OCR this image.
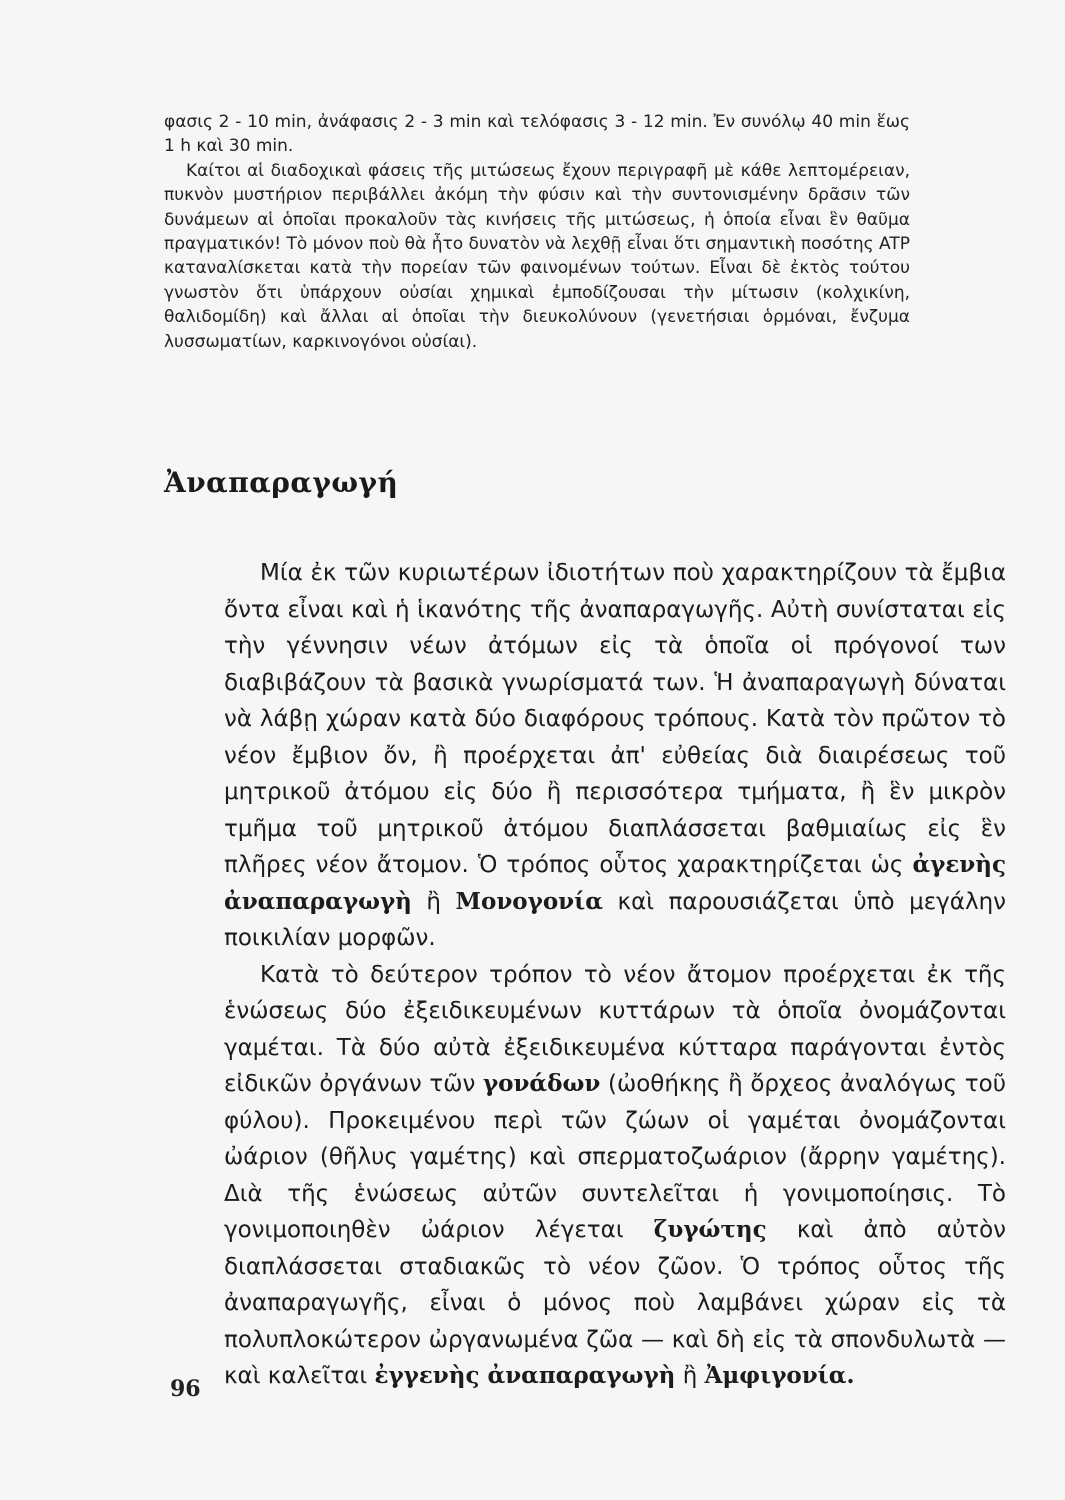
φασις 2 - 10 min, ἀνάφασις 2 - 3 min καὶ τελόφασις 3 - 12 min. Ἐν συνόλῳ 40 min ἕως 1 h καὶ 30 min.

Καίτοι αἱ διαδοχικαὶ φάσεις τῆς μιτώσεως ἔχουν περιγραφῆ μὲ κάθε λεπτομέρειαν, πυκνὸν μυστήριον περιβάλλει ἀκόμη τὴν φύσιν καὶ τὴν συντονισμένην δρᾶσιν τῶν δυνάμεων αἱ ὁποῖαι προκαλοῦν τὰς κινήσεις τῆς μιτώσεως, ἡ ὁποία εἶναι ἓν θαῦμα πραγματικόν! Τὸ μόνον ποὺ θὰ ἦτο δυνατὸν νὰ λεχθῇ εἶναι ὅτι σημαντικὴ ποσότης ATP καταναλίσκεται κατὰ τὴν πορείαν τῶν φαινομένων τούτων. Εἶναι δὲ ἐκτὸς τούτου γνωστὸν ὅτι ὑπάρχουν οὐσίαι χημικαὶ ἐμποδίζουσαι τὴν μίτωσιν (κολχικίνη, θαλιδομίδη) καὶ ἄλλαι αἱ ὁποῖαι τὴν διευκολύνουν (γενετήσιαι ὁρμόναι, ἔνζυμα λυσσωματίων, καρκινογόνοι οὐσίαι).

Ἀναπαραγωγή

Μία ἐκ τῶν κυριωτέρων ἰδιοτήτων ποὺ χαρακτηρίζουν τὰ ἔμβια ὄντα εἶναι καὶ ἡ ἱκανότης τῆς ἀναπαραγωγῆς. Αὐτὴ συνίσταται εἰς τὴν γέννησιν νέων ἀτόμων εἰς τὰ ὁποῖα οἱ πρόγονοί των διαβιβάζουν τὰ βασικὰ γνωρίσματά των. Ἡ ἀναπαραγωγὴ δύναται νὰ λάβῃ χώραν κατὰ δύο διαφόρους τρόπους. Κατὰ τὸν πρῶτον τὸ νέον ἔμβιον ὄν, ἢ προέρχεται ἀπ' εὐθείας διὰ διαιρέσεως τοῦ μητρικοῦ ἀτόμου εἰς δύο ἢ περισσότερα τμήματα, ἢ ἓν μικρὸν τμῆμα τοῦ μητρικοῦ ἀτόμου διαπλάσσεται βαθμιαίως εἰς ἓν πλῆρες νέον ἄτομον. Ὁ τρόπος οὗτος χαρακτηρίζεται ὡς ἀγενὴς ἀναπαραγωγὴ ἢ Μονογονία καὶ παρουσιάζεται ὑπὸ μεγάλην ποικιλίαν μορφῶν.

Κατὰ τὸ δεύτερον τρόπον τὸ νέον ἄτομον προέρχεται ἐκ τῆς ἑνώσεως δύο ἐξειδικευμένων κυττάρων τὰ ὁποῖα ὀνομάζονται γαμέται. Τὰ δύο αὐτὰ ἐξειδικευμένα κύτταρα παράγονται ἐντὸς εἰδικῶν ὀργάνων τῶν γονάδων (ὠοθήκης ἢ ὄρχεος ἀναλόγως τοῦ φύλου). Προκειμένου περὶ τῶν ζώων οἱ γαμέται ὀνομάζονται ὠάριον (θῆλυς γαμέτης) καὶ σπερματοζωάριον (ἄρρην γαμέτης). Διὰ τῆς ἑνώσεως αὐτῶν συντελεῖται ἡ γονιμοποίησις. Τὸ γονιμοποιηθὲν ὠάριον λέγεται ζυγώτης καὶ ἀπὸ αὐτὸν διαπλάσσεται σταδιακῶς τὸ νέον ζῶον. Ὁ τρόπος οὗτος τῆς ἀναπαραγωγῆς, εἶναι ὁ μόνος ποὺ λαμβάνει χώραν εἰς τὰ πολυπλοκώτερον ὠργανωμένα ζῶα — καὶ δὴ εἰς τὰ σπονδυλωτὰ — καὶ καλεῖται ἐγγενὴς ἀναπαραγωγὴ ἢ Ἀμφιγονία.

96
